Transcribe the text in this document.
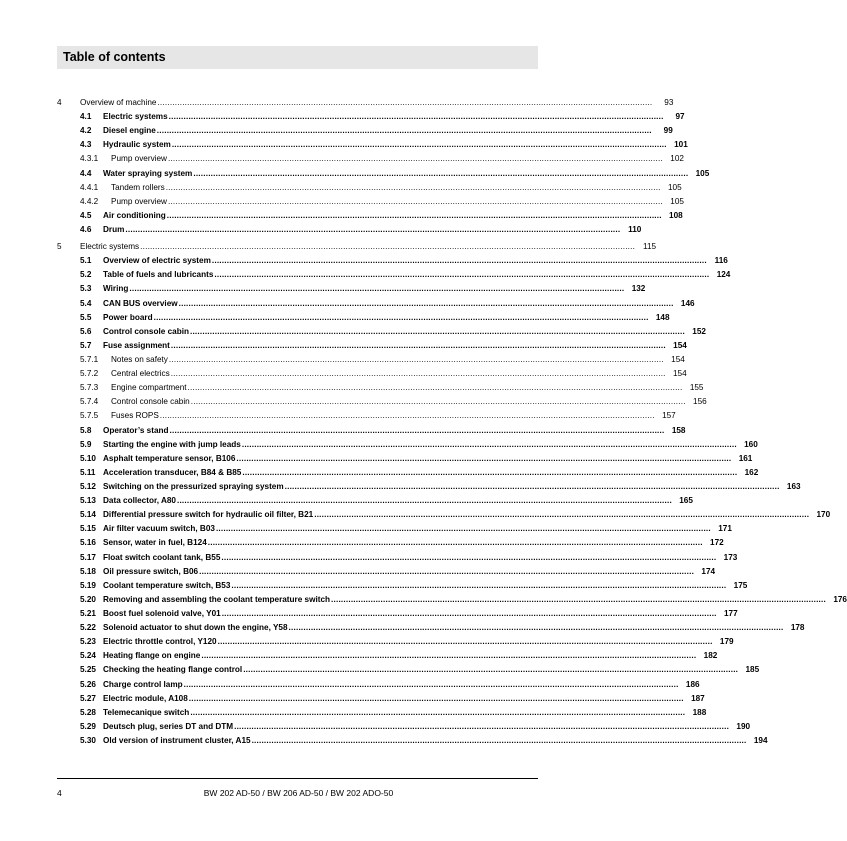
Table of contents
4 Overview of machine ........................................................................................................................................................................................................	93
4.1 Electric systems ........................................................................................................................................................................................................	97
4.2 Diesel engine ........................................................................................................................................................................................................	99
4.3 Hydraulic system ........................................................................................................................................................................................................ 101
4.3.1 Pump overview ........................................................................................................................................................................................................ 102
4.4 Water spraying system ........................................................................................................................................................................................................ 105
4.4.1 Tandem rollers ........................................................................................................................................................................................................ 105
4.4.2 Pump overview ........................................................................................................................................................................................................ 105
4.5 Air conditioning ........................................................................................................................................................................................................ 108
4.6 Drum ........................................................................................................................................................................................................ 110
5 Electric systems ........................................................................................................................................................................................................ 115
5.1 Overview of electric system ........................................................................................................................................................................................................ 116
5.2 Table of fuels and lubricants ........................................................................................................................................................................................................ 124
5.3 Wiring ........................................................................................................................................................................................................ 132
5.4 CAN BUS overview ........................................................................................................................................................................................................ 146
5.5 Power board ........................................................................................................................................................................................................ 148
5.6 Control console cabin ........................................................................................................................................................................................................ 152
5.7 Fuse assignment ........................................................................................................................................................................................................ 154
5.7.1 Notes on safety ........................................................................................................................................................................................................ 154
5.7.2 Central electrics ........................................................................................................................................................................................................ 154
5.7.3 Engine compartment ........................................................................................................................................................................................................ 155
5.7.4 Control console cabin ........................................................................................................................................................................................................ 156
5.7.5 Fuses ROPS ........................................................................................................................................................................................................ 157
5.8 Operator’s stand ........................................................................................................................................................................................................ 158
5.9 Starting the engine with jump leads ........................................................................................................................................................................................................ 160
5.10 Asphalt temperature sensor, B106 ........................................................................................................................................................................................................ 161
5.11 Acceleration transducer, B84 & B85 ........................................................................................................................................................................................................ 162
5.12 Switching on the pressurized spraying system ........................................................................................................................................................................................................ 163
5.13 Data collector, A80 ........................................................................................................................................................................................................ 165
5.14 Differential pressure switch for hydraulic oil filter, B21 ........................................................................................................................................................................................................ 170
5.15 Air filter vacuum switch, B03 ........................................................................................................................................................................................................ 171
5.16 Sensor, water in fuel, B124 ........................................................................................................................................................................................................ 172
5.17 Float switch coolant tank, B55 ........................................................................................................................................................................................................ 173
5.18 Oil pressure switch, B06 ........................................................................................................................................................................................................ 174
5.19 Coolant temperature switch, B53 ........................................................................................................................................................................................................ 175
5.20 Removing and assembling the coolant temperature switch ........................................................................................................................................................................................................ 176
5.21 Boost fuel solenoid valve, Y01 ........................................................................................................................................................................................................ 177
5.22 Solenoid actuator to shut down the engine, Y58 ........................................................................................................................................................................................................ 178
5.23 Electric throttle control, Y120 ........................................................................................................................................................................................................ 179
5.24 Heating flange on engine ........................................................................................................................................................................................................ 182
5.25 Checking the heating flange control ........................................................................................................................................................................................................ 185
5.26 Charge control lamp ........................................................................................................................................................................................................ 186
5.27 Electric module, A108 ........................................................................................................................................................................................................ 187
5.28 Telemecanique switch ........................................................................................................................................................................................................ 188
5.29 Deutsch plug, series DT and DTM ........................................................................................................................................................................................................ 190
5.30 Old version of instrument cluster, A15 ........................................................................................................................................................................................................ 194
4	BW 202 AD-50 / BW 206 AD-50 / BW 202 ADO-50
